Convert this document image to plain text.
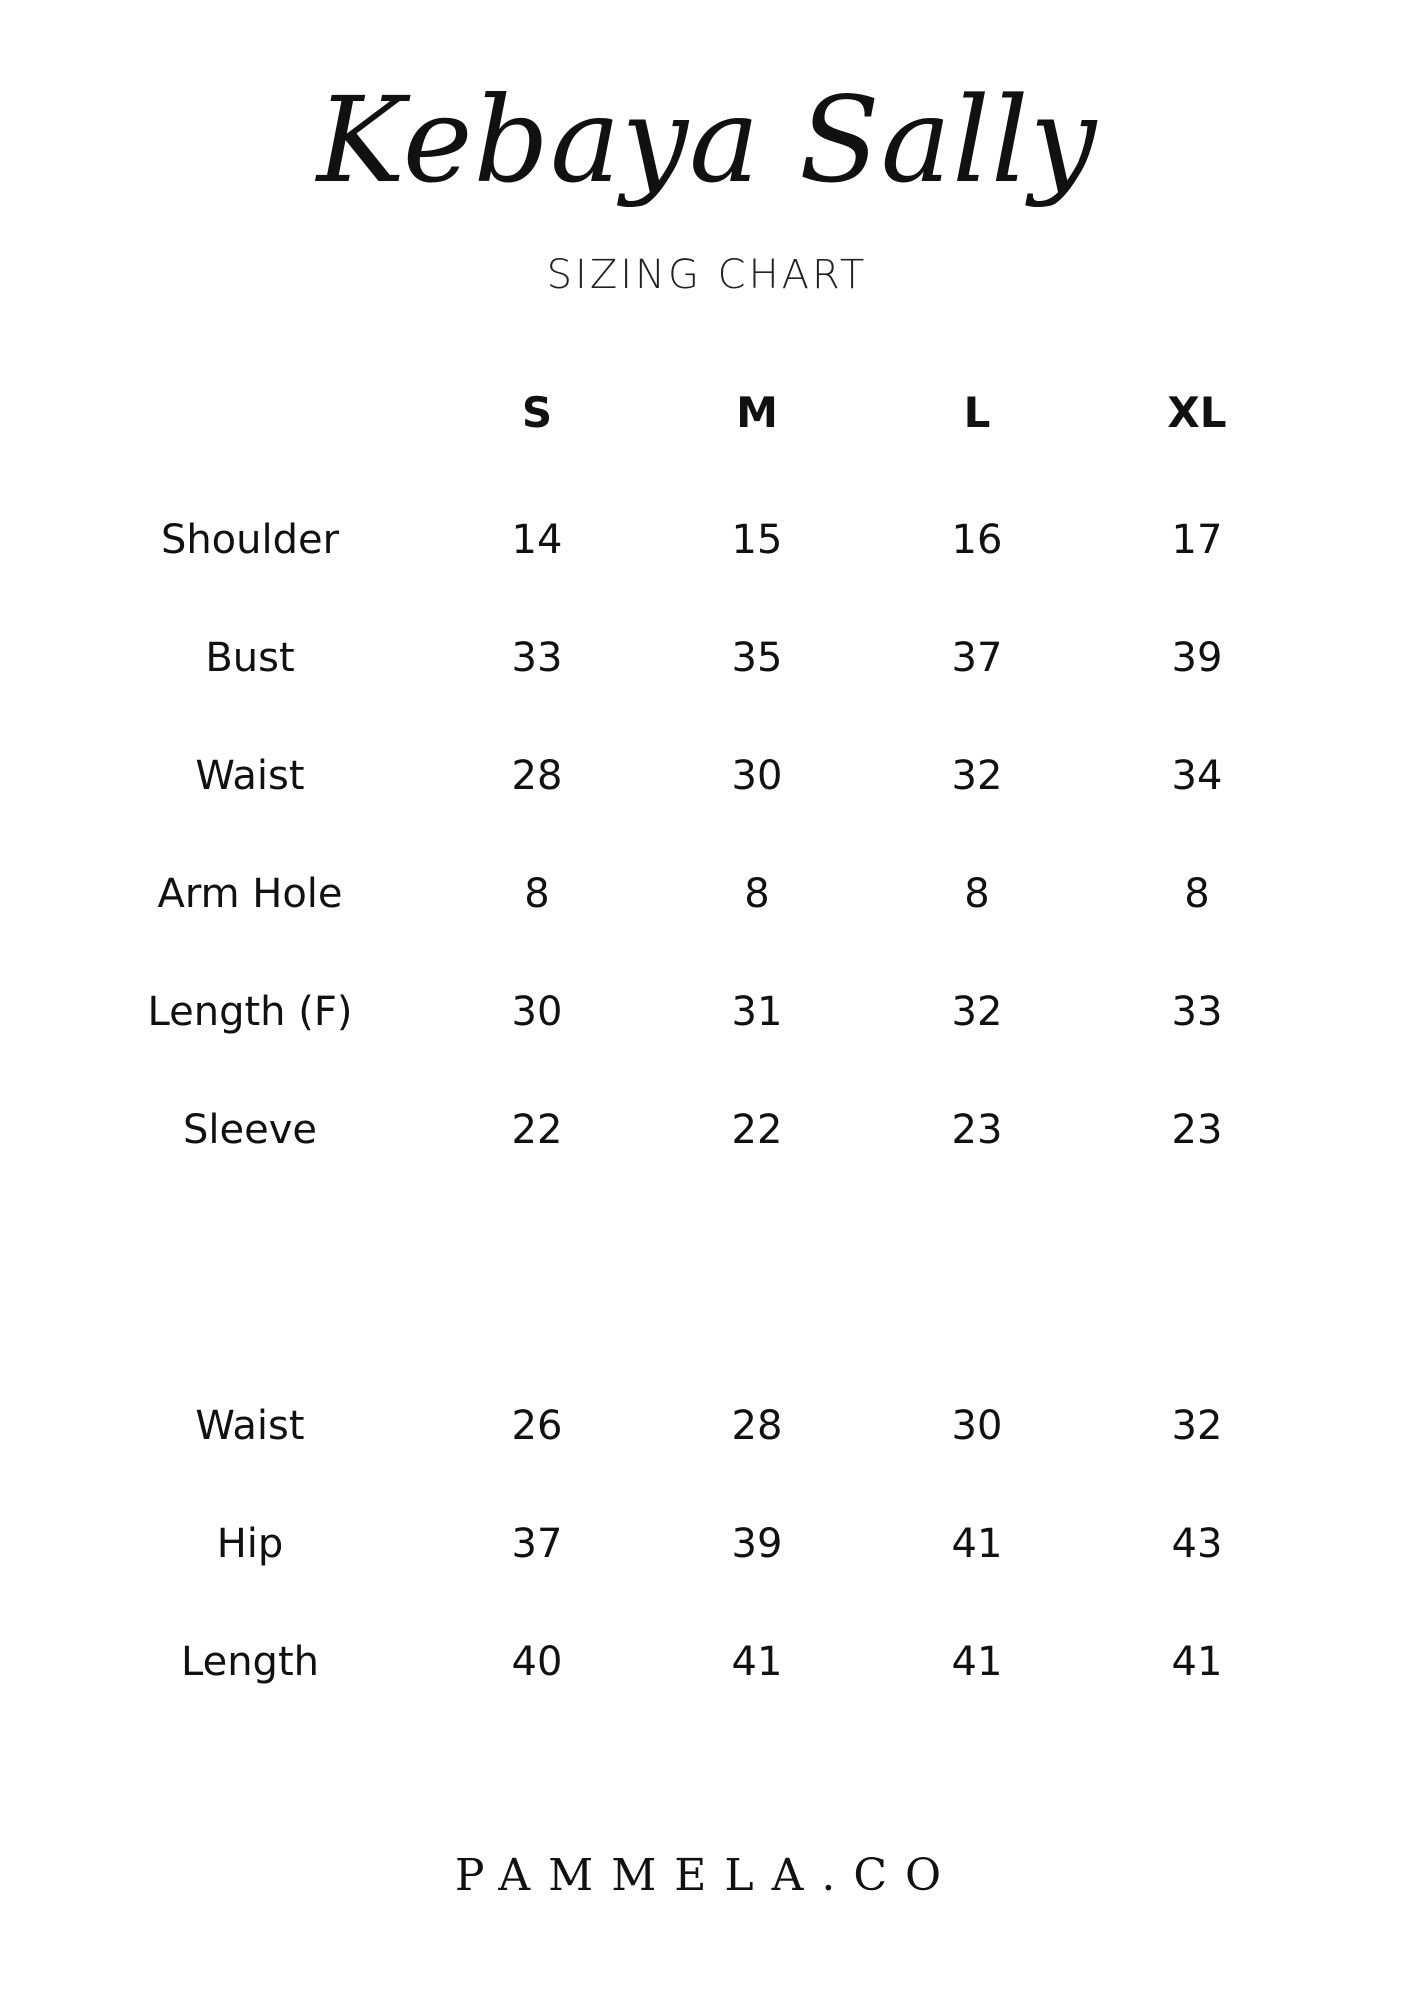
Kebaya Sally
SIZING CHART
S	M	L	XL
Shoulder	14	15	16	17
Bust	33	35	37	39
Waist	28	30	32	34
Arm Hole	8	8	8	8
Length (F)	30	31	32	33
Sleeve	22	22	23	23
Waist	26	28	30	32
Hip	37	39	41	43
Length	40	41	41	41
PAMMELA.CO
